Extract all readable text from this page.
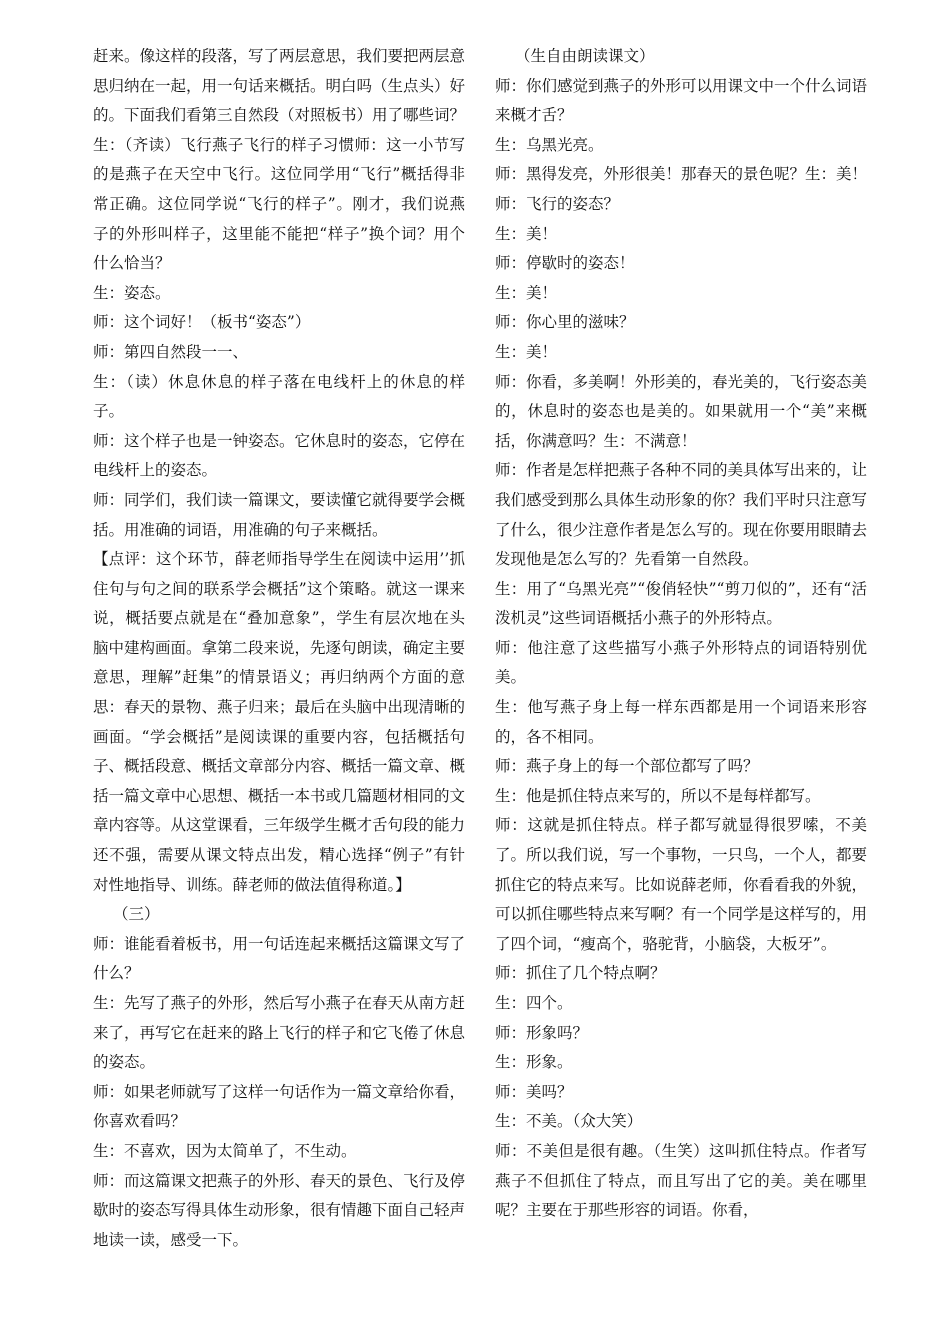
赶来。像这样的段落，写了两层意思，我们要把两层意思归纳在一起，用一句话来概括。明白吗（生点头）好的。下面我们看第三自然段（对照板书）用了哪些词？

生：（齐读）飞行燕子飞行的样子习惯师：这一小节写的是燕子在天空中飞行。这位同学用“飞行”概括得非常正确。这位同学说“飞行的样子”。刚才，我们说燕子的外形叫样子，这里能不能把“样子”换个词？用个什么恰当？

生：姿态。

师：这个词好！（板书“姿态”）

师：第四自然段一一、

生：（读）休息休息的样子落在电线杆上的休息的样子。

师：这个样子也是一钟姿态。它休息时的姿态，它停在电线杆上的姿态。

师：同学们，我们读一篇课文，要读懂它就得要学会概括。用准确的词语，用准确的句子来概括。

【点评：这个环节，薛老师指导学生在阅读中运用’’抓住句与句之间的联系学会概括”这个策略。就这一课来说，概括要点就是在“叠加意象”，学生有层次地在头脑中建构画面。拿第二段来说，先逐句朗读，确定主要意思，理解”赶集”的情景语义；再归纳两个方面的意思：春天的景物、燕子归来；最后在头脑中出现清晰的画面。“学会概括”是阅读课的重要内容，包括概括句子、概括段意、概括文章部分内容、概括一篇文章、概括一篇文章中心思想、概括一本书或几篇题材相同的文章内容等。从这堂课看，三年级学生概才舌句段的能力还不强，需要从课文特点出发，精心选择“例子”有针对性地指导、训练。薛老师的做法值得称道。】

（三）

师：谁能看着板书，用一句话连起来概括这篇课文写了什么？

生：先写了燕子的外形，然后写小燕子在春天从南方赶来了，再写它在赶来的路上飞行的样子和它飞倦了休息的姿态。

师：如果老师就写了这样一句话作为一篇文章给你看，你喜欢看吗？

生：不喜欢，因为太简单了，不生动。

师：而这篇课文把燕子的外形、春天的景色、飞行及停歇时的姿态写得具体生动形象，很有情趣下面自己轻声地读一读，感受一下。

（生自由朗读课文）

师：你们感觉到燕子的外形可以用课文中一个什么词语来概才舌？

生：乌黑光亮。

师：黑得发亮，外形很美！那春天的景色呢？生：美！

师：飞行的姿态？

生：美！

师：停歇时的姿态！

生：美！

师：你心里的滋味？

生：美！

师：你看，多美啊！外形美的，春光美的，飞行姿态美的，休息时的姿态也是美的。如果就用一个“美”来概括，你满意吗？生：不满意！

师：作者是怎样把燕子各种不同的美具体写出来的，让我们感受到那么具体生动形象的你？我们平时只注意写了什么，很少注意作者是怎么写的。现在你要用眼睛去发现他是怎么写的？先看第一自然段。

生：用了“乌黑光亮”“俊俏轻快”“剪刀似的”，还有“活泼机灵”这些词语概括小燕子的外形特点。

师：他注意了这些描写小燕子外形特点的词语特别优美。

生：他写燕子身上每一样东西都是用一个词语来形容的，各不相同。

师：燕子身上的每一个部位都写了吗？

生：他是抓住特点来写的，所以不是每样都写。

师：这就是抓住特点。样子都写就显得很罗嗦，不美了。所以我们说，写一个事物，一只鸟，一个人，都要抓住它的特点来写。比如说薛老师，你看看我的外貌，可以抓住哪些特点来写啊？有一个同学是这样写的，用了四个词，“瘦高个，骆驼背，小脑袋，大板牙”。

师：抓住了几个特点啊？

生：四个。

师：形象吗？

生：形象。

师：美吗？

生：不美。（众大笑）

师：不美但是很有趣。（生笑）这叫抓住特点。作者写燕子不但抓住了特点，而且写出了它的美。美在哪里呢？主要在于那些形容的词语。你看，
